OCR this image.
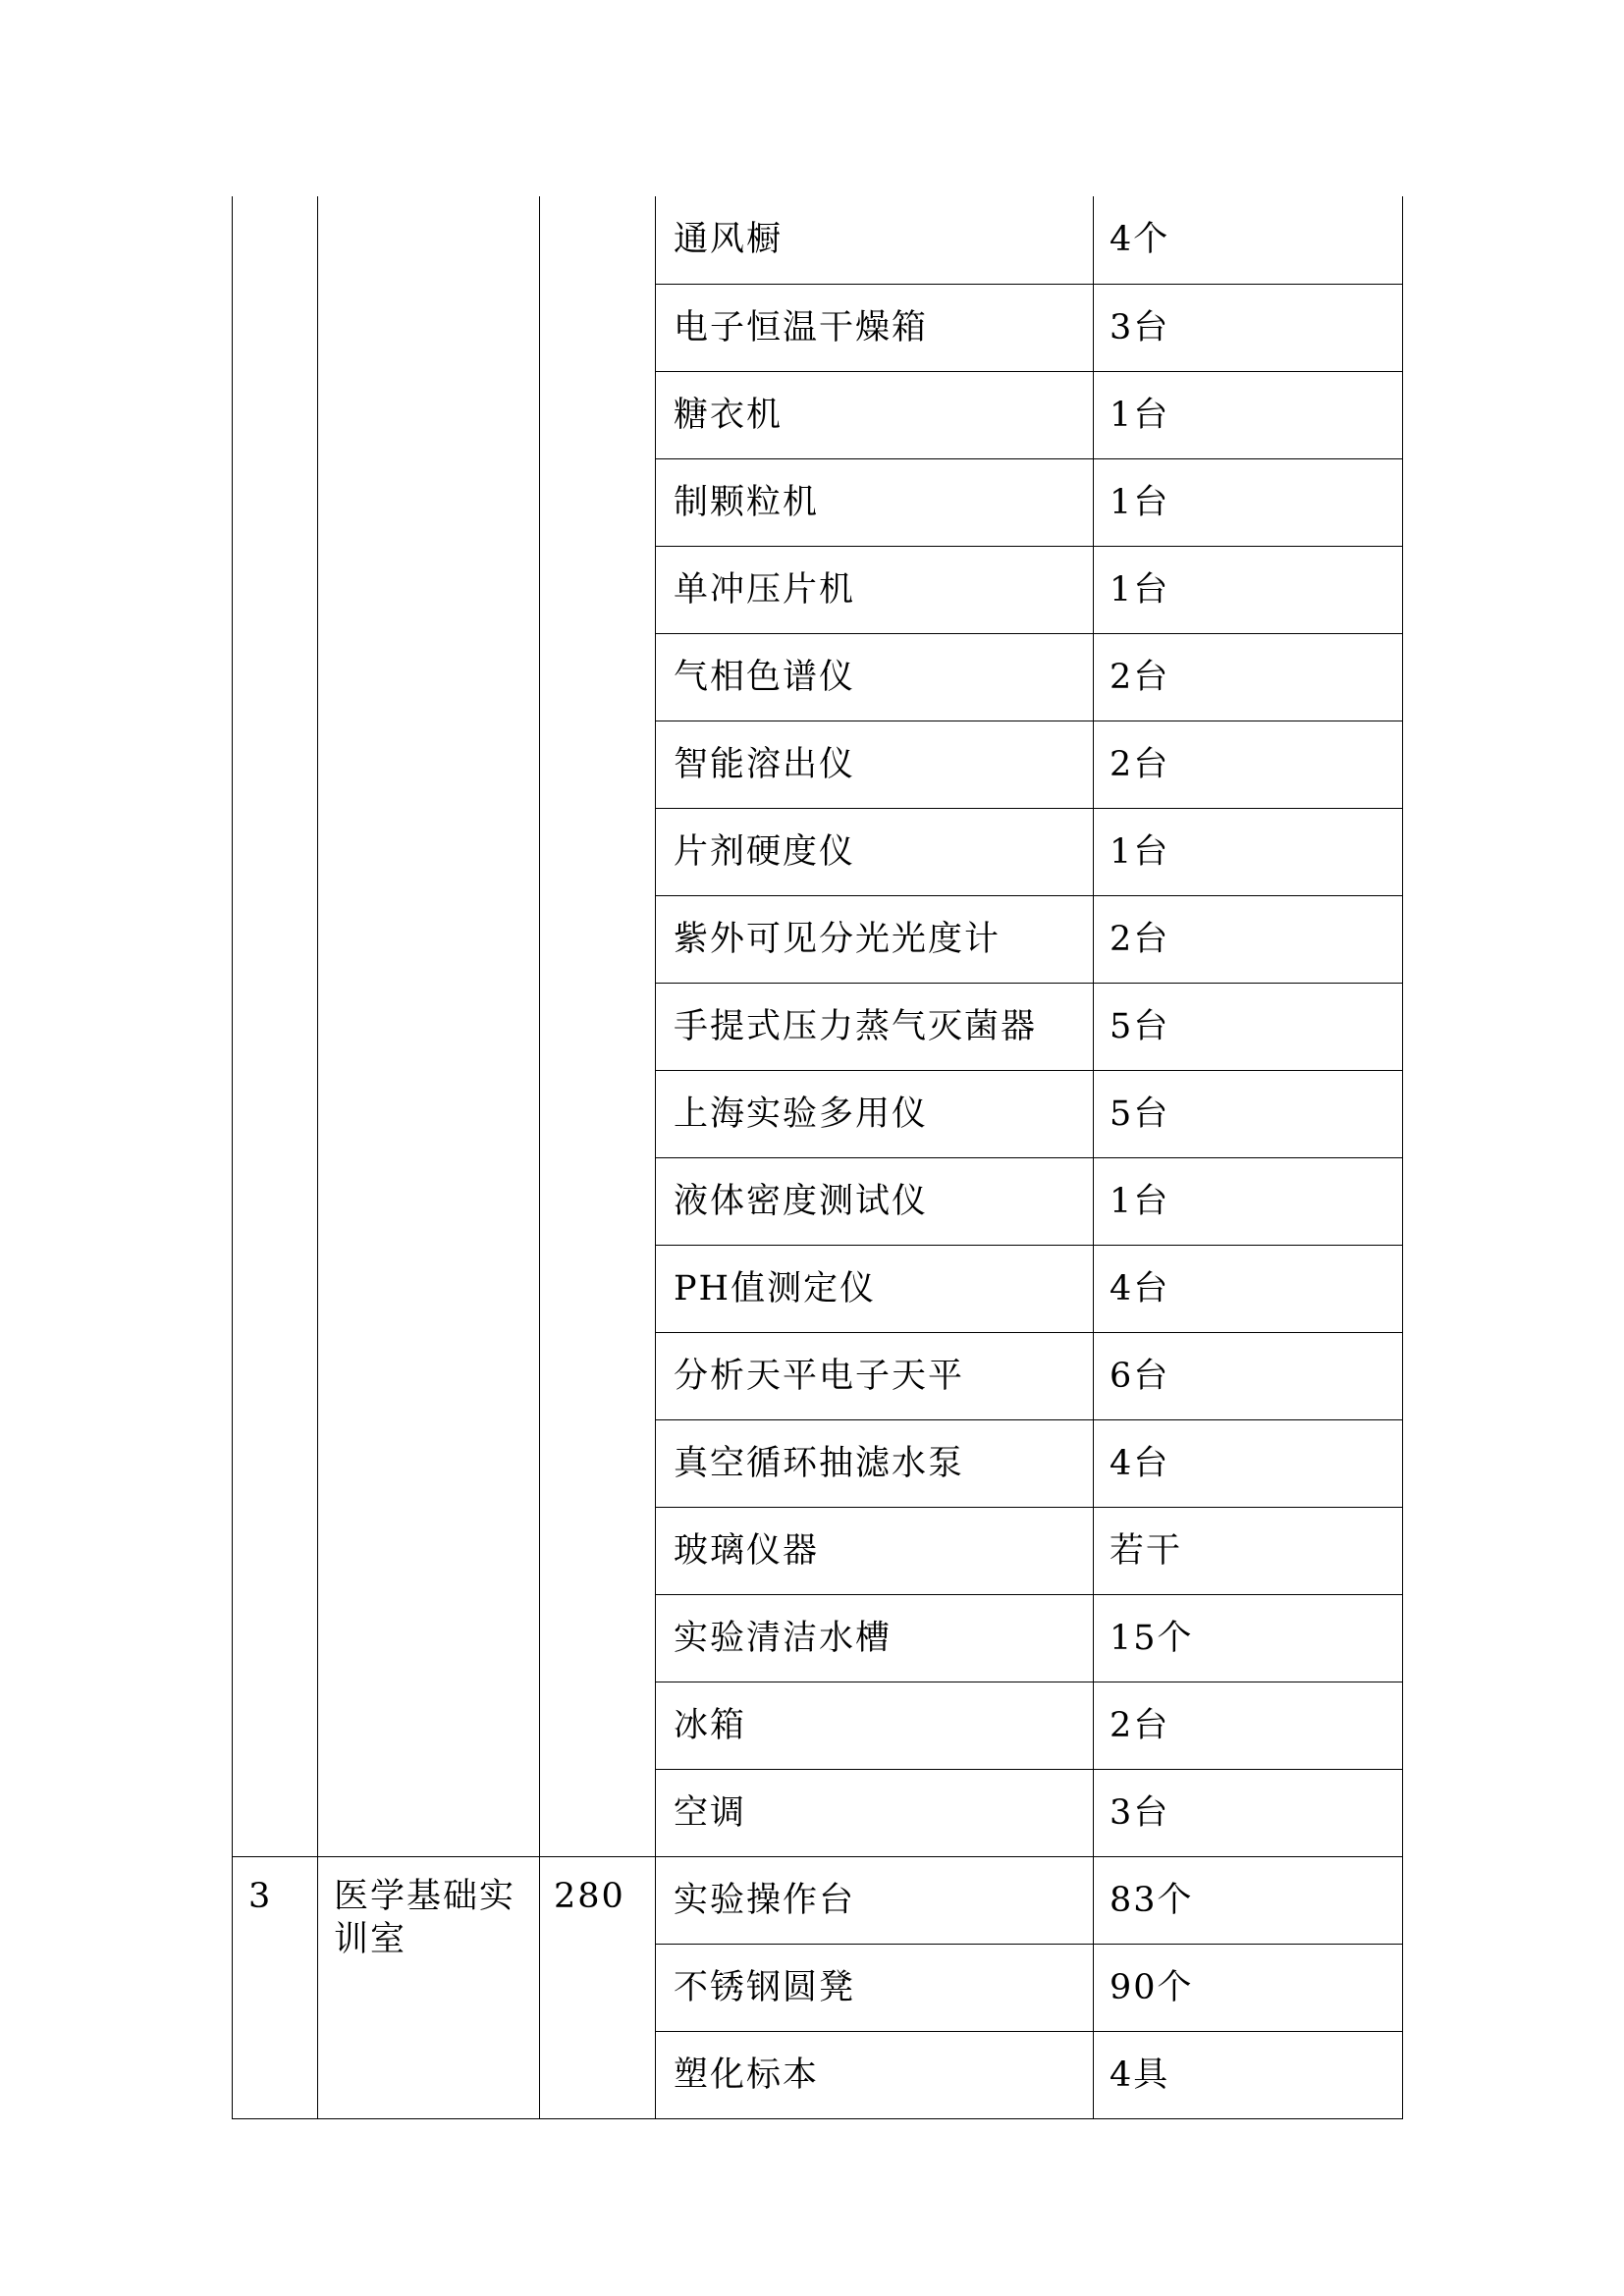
			通风橱	4个
			电子恒温干燥箱	3台
			糖衣机	1台
			制颗粒机	1台
			单冲压片机	1台
			气相色谱仪	2台
			智能溶出仪	2台
			片剂硬度仪	1台
			紫外可见分光光度计	2台
			手提式压力蒸气灭菌器	5台
			上海实验多用仪	5台
			液体密度测试仪	1台
			PH值测定仪	4台
			分析天平电子天平	6台
			真空循环抽滤水泵	4台
			玻璃仪器	若干
			实验清洁水槽	15个
			冰箱	2台
			空调	3台
3	医学基础实训室	280	实验操作台	83个
			不锈钢圆凳	90个
			塑化标本	4具
